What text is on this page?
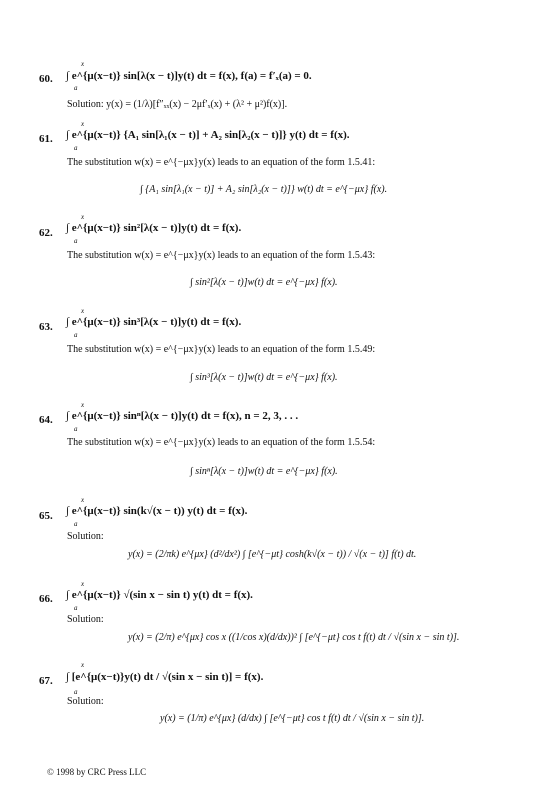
60.
x
a
∫ e^{μ(x−t)} sin[λ(x − t)]y(t) dt = f(x), f(a) = f′ₓ(a) = 0.
Solution: y(x) = (1/λ)[f″ₓₓ(x) − 2μf′ₓ(x) + (λ² + μ²)f(x)].
61.
x
a
∫ e^{μ(x−t)} {A₁ sin[λ₁(x − t)] + A₂ sin[λ₂(x − t)]} y(t) dt = f(x).
The substitution w(x) = e^{−μx}y(x) leads to an equation of the form 1.5.41:
∫ {A₁ sin[λ₁(x − t)] + A₂ sin[λ₂(x − t)]} w(t) dt = e^{−μx} f(x).
62.
x
a
∫ e^{μ(x−t)} sin²[λ(x − t)]y(t) dt = f(x).
The substitution w(x) = e^{−μx}y(x) leads to an equation of the form 1.5.43:
∫ sin²[λ(x − t)]w(t) dt = e^{−μx} f(x).
63.
x
a
∫ e^{μ(x−t)} sin³[λ(x − t)]y(t) dt = f(x).
The substitution w(x) = e^{−μx}y(x) leads to an equation of the form 1.5.49:
∫ sin³[λ(x − t)]w(t) dt = e^{−μx} f(x).
64.
x
a
∫ e^{μ(x−t)} sinⁿ[λ(x − t)]y(t) dt = f(x), n = 2, 3, . . .
The substitution w(x) = e^{−μx}y(x) leads to an equation of the form 1.5.54:
∫ sinⁿ[λ(x − t)]w(t) dt = e^{−μx} f(x).
65.
x
a
∫ e^{μ(x−t)} sin(k√(x − t)) y(t) dt = f(x).
Solution:
y(x) = (2/πk) e^{μx} (d²/dx²) ∫ [e^{−μt} cosh(k√(x − t)) / √(x − t)] f(t) dt.
66.
x
a
∫ e^{μ(x−t)} √(sin x − sin t) y(t) dt = f(x).
Solution:
y(x) = (2/π) e^{μx} cos x ((1/cos x)(d/dx))² ∫ [e^{−μt} cos t f(t) dt / √(sin x − sin t)].
67.
x
a
∫ [e^{μ(x−t)}y(t) dt / √(sin x − sin t)] = f(x).
Solution:
y(x) = (1/π) e^{μx} (d/dx) ∫ [e^{−μt} cos t f(t) dt / √(sin x − sin t)].
© 1998 by CRC Press LLC
